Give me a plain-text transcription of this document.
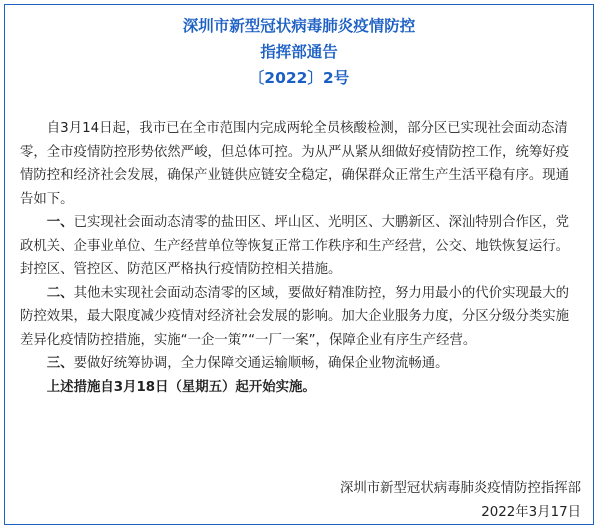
深圳市新型冠状病毒肺炎疫情防控
指挥部通告
〔2022〕2号

自3月14日起，我市已在全市范围内完成两轮全员核酸检测，部分区已实现社会面动态清零，全市疫情防控形势依然严峻，但总体可控。为从严从紧从细做好疫情防控工作，统筹好疫情防控和经济社会发展，确保产业链供应链安全稳定，确保群众正常生产生活平稳有序。现通告如下。

一、已实现社会面动态清零的盐田区、坪山区、光明区、大鹏新区、深汕特别合作区，党政机关、企事业单位、生产经营单位等恢复正常工作秩序和生产经营，公交、地铁恢复运行。封控区、管控区、防范区严格执行疫情防控相关措施。

二、其他未实现社会面动态清零的区域，要做好精准防控，努力用最小的代价实现最大的防控效果，最大限度减少疫情对经济社会发展的影响。加大企业服务力度，分区分级分类实施差异化疫情防控措施，实施“一企一策”“一厂一案”，保障企业有序生产经营。

三、要做好统筹协调，全力保障交通运输顺畅，确保企业物流畅通。

上述措施自3月18日（星期五）起开始实施。

深圳市新型冠状病毒肺炎疫情防控指挥部
2022年3月17日
